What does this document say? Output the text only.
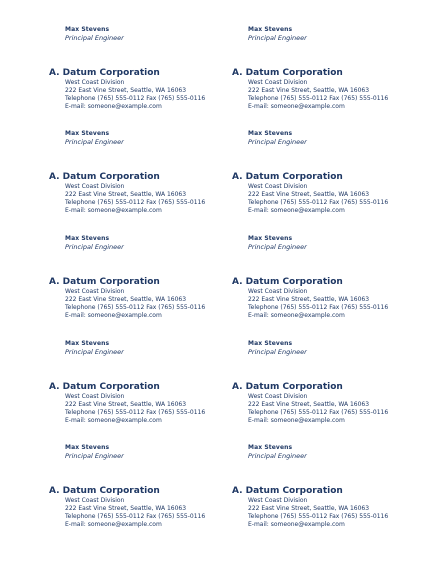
Max Stevens
Principal Engineer
A. Datum Corporation
West Coast Division
222 East Vine Street, Seattle, WA 16063
Telephone (765) 555-0112 Fax (765) 555-0116
E-mail: someone@example.com
Max Stevens
Principal Engineer
A. Datum Corporation
West Coast Division
222 East Vine Street, Seattle, WA 16063
Telephone (765) 555-0112 Fax (765) 555-0116
E-mail: someone@example.com
Max Stevens
Principal Engineer
A. Datum Corporation
West Coast Division
222 East Vine Street, Seattle, WA 16063
Telephone (765) 555-0112 Fax (765) 555-0116
E-mail: someone@example.com
Max Stevens
Principal Engineer
A. Datum Corporation
West Coast Division
222 East Vine Street, Seattle, WA 16063
Telephone (765) 555-0112 Fax (765) 555-0116
E-mail: someone@example.com
Max Stevens
Principal Engineer
A. Datum Corporation
West Coast Division
222 East Vine Street, Seattle, WA 16063
Telephone (765) 555-0112 Fax (765) 555-0116
E-mail: someone@example.com
Max Stevens
Principal Engineer
A. Datum Corporation
West Coast Division
222 East Vine Street, Seattle, WA 16063
Telephone (765) 555-0112 Fax (765) 555-0116
E-mail: someone@example.com
Max Stevens
Principal Engineer
A. Datum Corporation
West Coast Division
222 East Vine Street, Seattle, WA 16063
Telephone (765) 555-0112 Fax (765) 555-0116
E-mail: someone@example.com
Max Stevens
Principal Engineer
A. Datum Corporation
West Coast Division
222 East Vine Street, Seattle, WA 16063
Telephone (765) 555-0112 Fax (765) 555-0116
E-mail: someone@example.com
Max Stevens
Principal Engineer
A. Datum Corporation
West Coast Division
222 East Vine Street, Seattle, WA 16063
Telephone (765) 555-0112 Fax (765) 555-0116
E-mail: someone@example.com
Max Stevens
Principal Engineer
A. Datum Corporation
West Coast Division
222 East Vine Street, Seattle, WA 16063
Telephone (765) 555-0112 Fax (765) 555-0116
E-mail: someone@example.com
